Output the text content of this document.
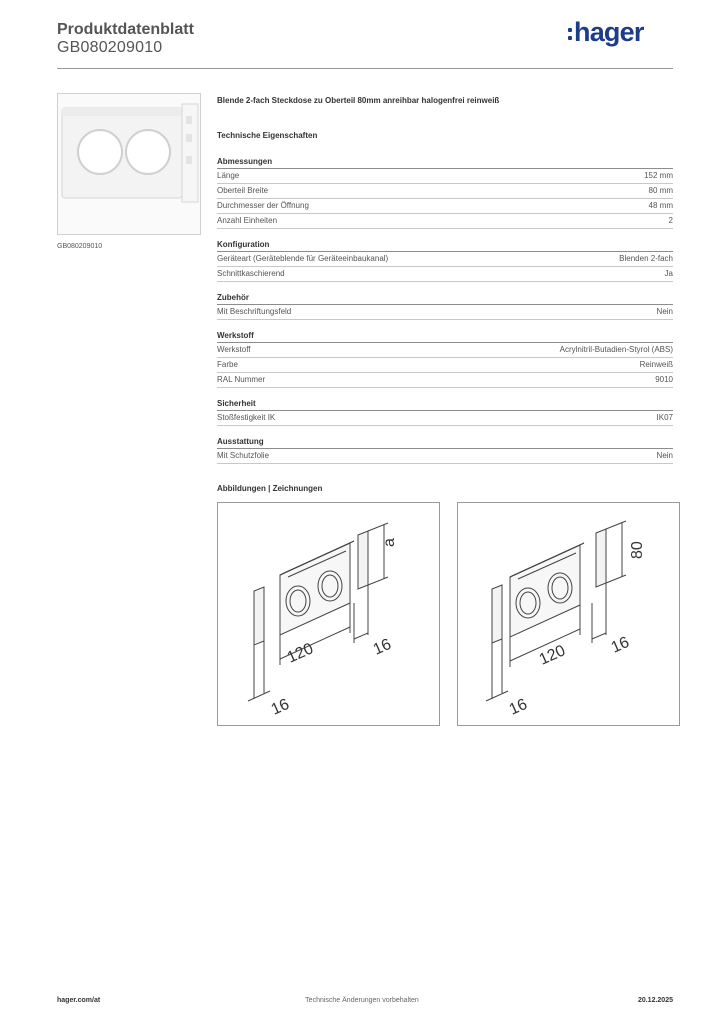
Produktdatenblatt
GB080209010
hager
GB080209010
Blende 2-fach Steckdose zu Oberteil 80mm anreihbar halogenfrei reinweiß
Technische Eigenschaften
Abmessungen
Länge	152 mm
Oberteil Breite	80 mm
Durchmesser der Öffnung	48 mm
Anzahl Einheiten	2
Konfiguration
Geräteart (Geräteblende für Geräteeinbaukanal)	Blenden 2-fach
Schnittkaschierend	Ja
Zubehör
Mit Beschriftungsfeld	Nein
Werkstoff
Werkstoff	Acrylnitril-Butadien-Styrol (ABS)
Farbe	Reinweiß
RAL Nummer	9010
Sicherheit
Stoßfestigkeit IK	IK07
Ausstattung
Mit Schutzfolie	Nein
Abbildungen | Zeichnungen
a
120	16
16
80
120	16
16
hager.com/at	Technische Änderungen vorbehalten	20.12.2025
